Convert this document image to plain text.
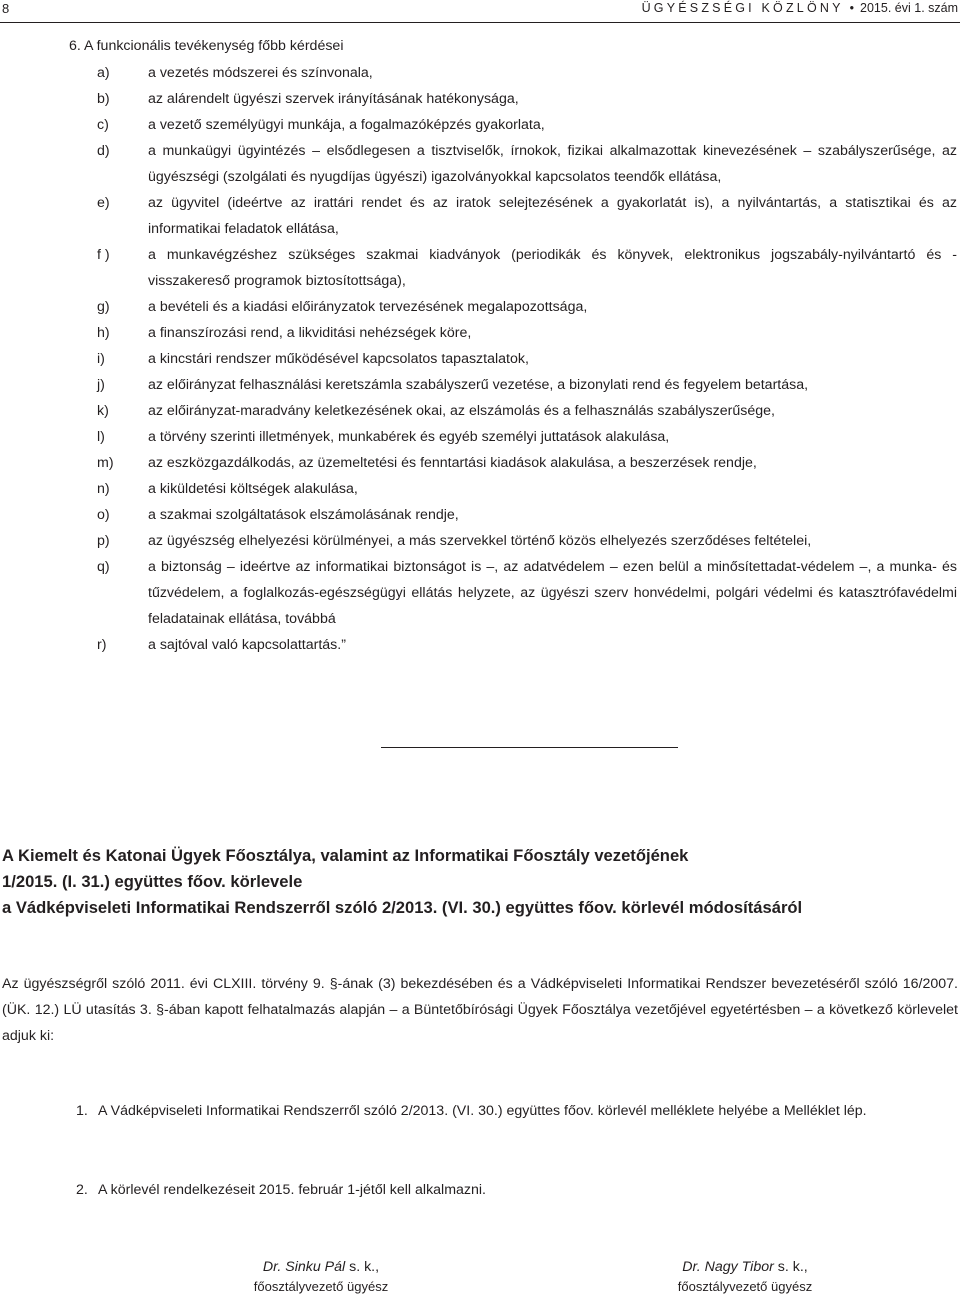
8	ÜGYÉSZSÉGI KÖZLÖNY • 2015. évi 1. szám
6. A funkcionális tevékenység főbb kérdései
a)	a vezetés módszerei és színvonala,
b)	az alárendelt ügyészi szervek irányításának hatékonysága,
c)	a vezető személyügyi munkája, a fogalmazóképzés gyakorlata,
d)	a munkaügyi ügyintézés – elsődlegesen a tisztviselők, írnokok, fizikai alkalmazottak kinevezésének – szabályszerűsége, az ügyészségi (szolgálati és nyugdíjas ügyészi) igazolványokkal kapcsolatos teendők ellátása,
e)	az ügyvitel (ideértve az irattári rendet és az iratok selejtezésének a gyakorlatát is), a nyilvántartás, a statisztikai és az informatikai feladatok ellátása,
f )	a munkavégzéshez szükséges szakmai kiadványok (periodikák és könyvek, elektronikus jogszabály-nyilvántartó és -visszakereső programok biztosítottsága),
g)	a bevételi és a kiadási előirányzatok tervezésének megalapozottsága,
h)	a finanszírozási rend, a likviditási nehézségek köre,
i)	a kincstári rendszer működésével kapcsolatos tapasztalatok,
j)	az előirányzat felhasználási keretszámla szabályszerű vezetése, a bizonylati rend és fegyelem betartása,
k)	az előirányzat-maradvány keletkezésének okai, az elszámolás és a felhasználás szabályszerűsége,
l)	a törvény szerinti illetmények, munkabérek és egyéb személyi juttatások alakulása,
m)	az eszközgazdálkodás, az üzemeltetési és fenntartási kiadások alakulása, a beszerzések rendje,
n)	a kiküldetési költségek alakulása,
o)	a szakmai szolgáltatások elszámolásának rendje,
p)	az ügyészség elhelyezési körülményei, a más szervekkel történő közös elhelyezés szerződéses feltételei,
q)	a biztonság – ideértve az informatikai biztonságot is –, az adatvédelem – ezen belül a minősítettadat-védelem –, a munka- és tűzvédelem, a foglalkozás-egészségügyi ellátás helyzete, az ügyészi szerv honvédelmi, polgári védelmi és katasztrófavédelmi feladatainak ellátása, továbbá
r)	a sajtóval való kapcsolattartás.”
A Kiemelt és Katonai Ügyek Főosztálya, valamint az Informatikai Főosztály vezetőjének
1/2015. (I. 31.) együttes főov. körlevele
a Vádképviseleti Informatikai Rendszerről szóló 2/2013. (VI. 30.) együttes főov. körlevél módosításáról
Az ügyészségről szóló 2011. évi CLXIII. törvény 9. §-ának (3) bekezdésében és a Vádképviseleti Informatikai Rendszer bevezetéséről szóló 16/2007. (ÜK. 12.) LÜ utasítás 3. §-ában kapott felhatalmazás alapján – a Büntetőbírósági Ügyek Főosztálya vezetőjével egyetértésben – a következő körlevelet adjuk ki:
1. A Vádképviseleti Informatikai Rendszerről szóló 2/2013. (VI. 30.) együttes főov. körlevél melléklete helyébe a Melléklet lép.
2. A körlevél rendelkezéseit 2015. február 1-jétől kell alkalmazni.
Dr. Sinku Pál s. k.,
főosztályvezető ügyész
Dr. Nagy Tibor s. k.,
főosztályvezető ügyész
